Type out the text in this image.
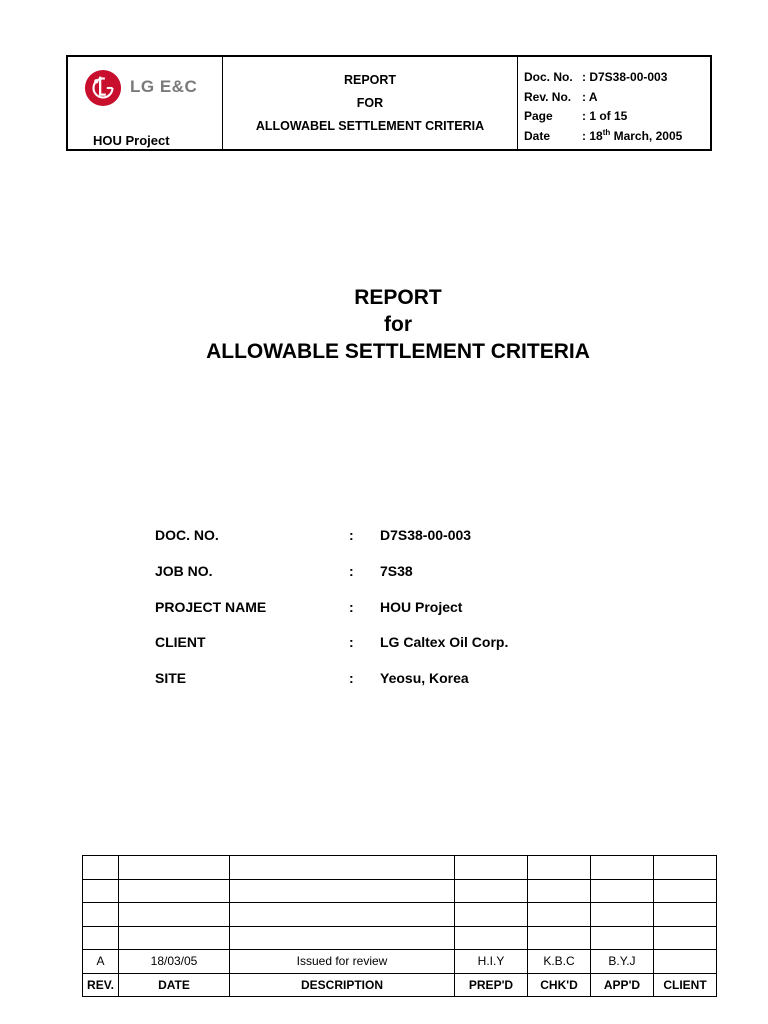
LG E&C
HOU Project
REPORT
FOR
ALLOWABEL SETTLEMENT CRITERIA
Doc. No. : D7S38-00-003
Rev. No. : A
Page	: 1 of 15
Date	: 18th March, 2005
REPORT
for
ALLOWABLE SETTLEMENT CRITERIA
DOC. NO.	: D7S38-00-003
JOB NO.	: 7S38
PROJECT NAME	: HOU Project
CLIENT	: LG Caltex Oil Corp.
SITE	: Yeosu, Korea

A	18/03/05	Issued for review	H.I.Y	K.B.C	B.Y.J	
REV.	DATE	DESCRIPTION	PREP'D	CHK'D	APP'D	CLIENT
